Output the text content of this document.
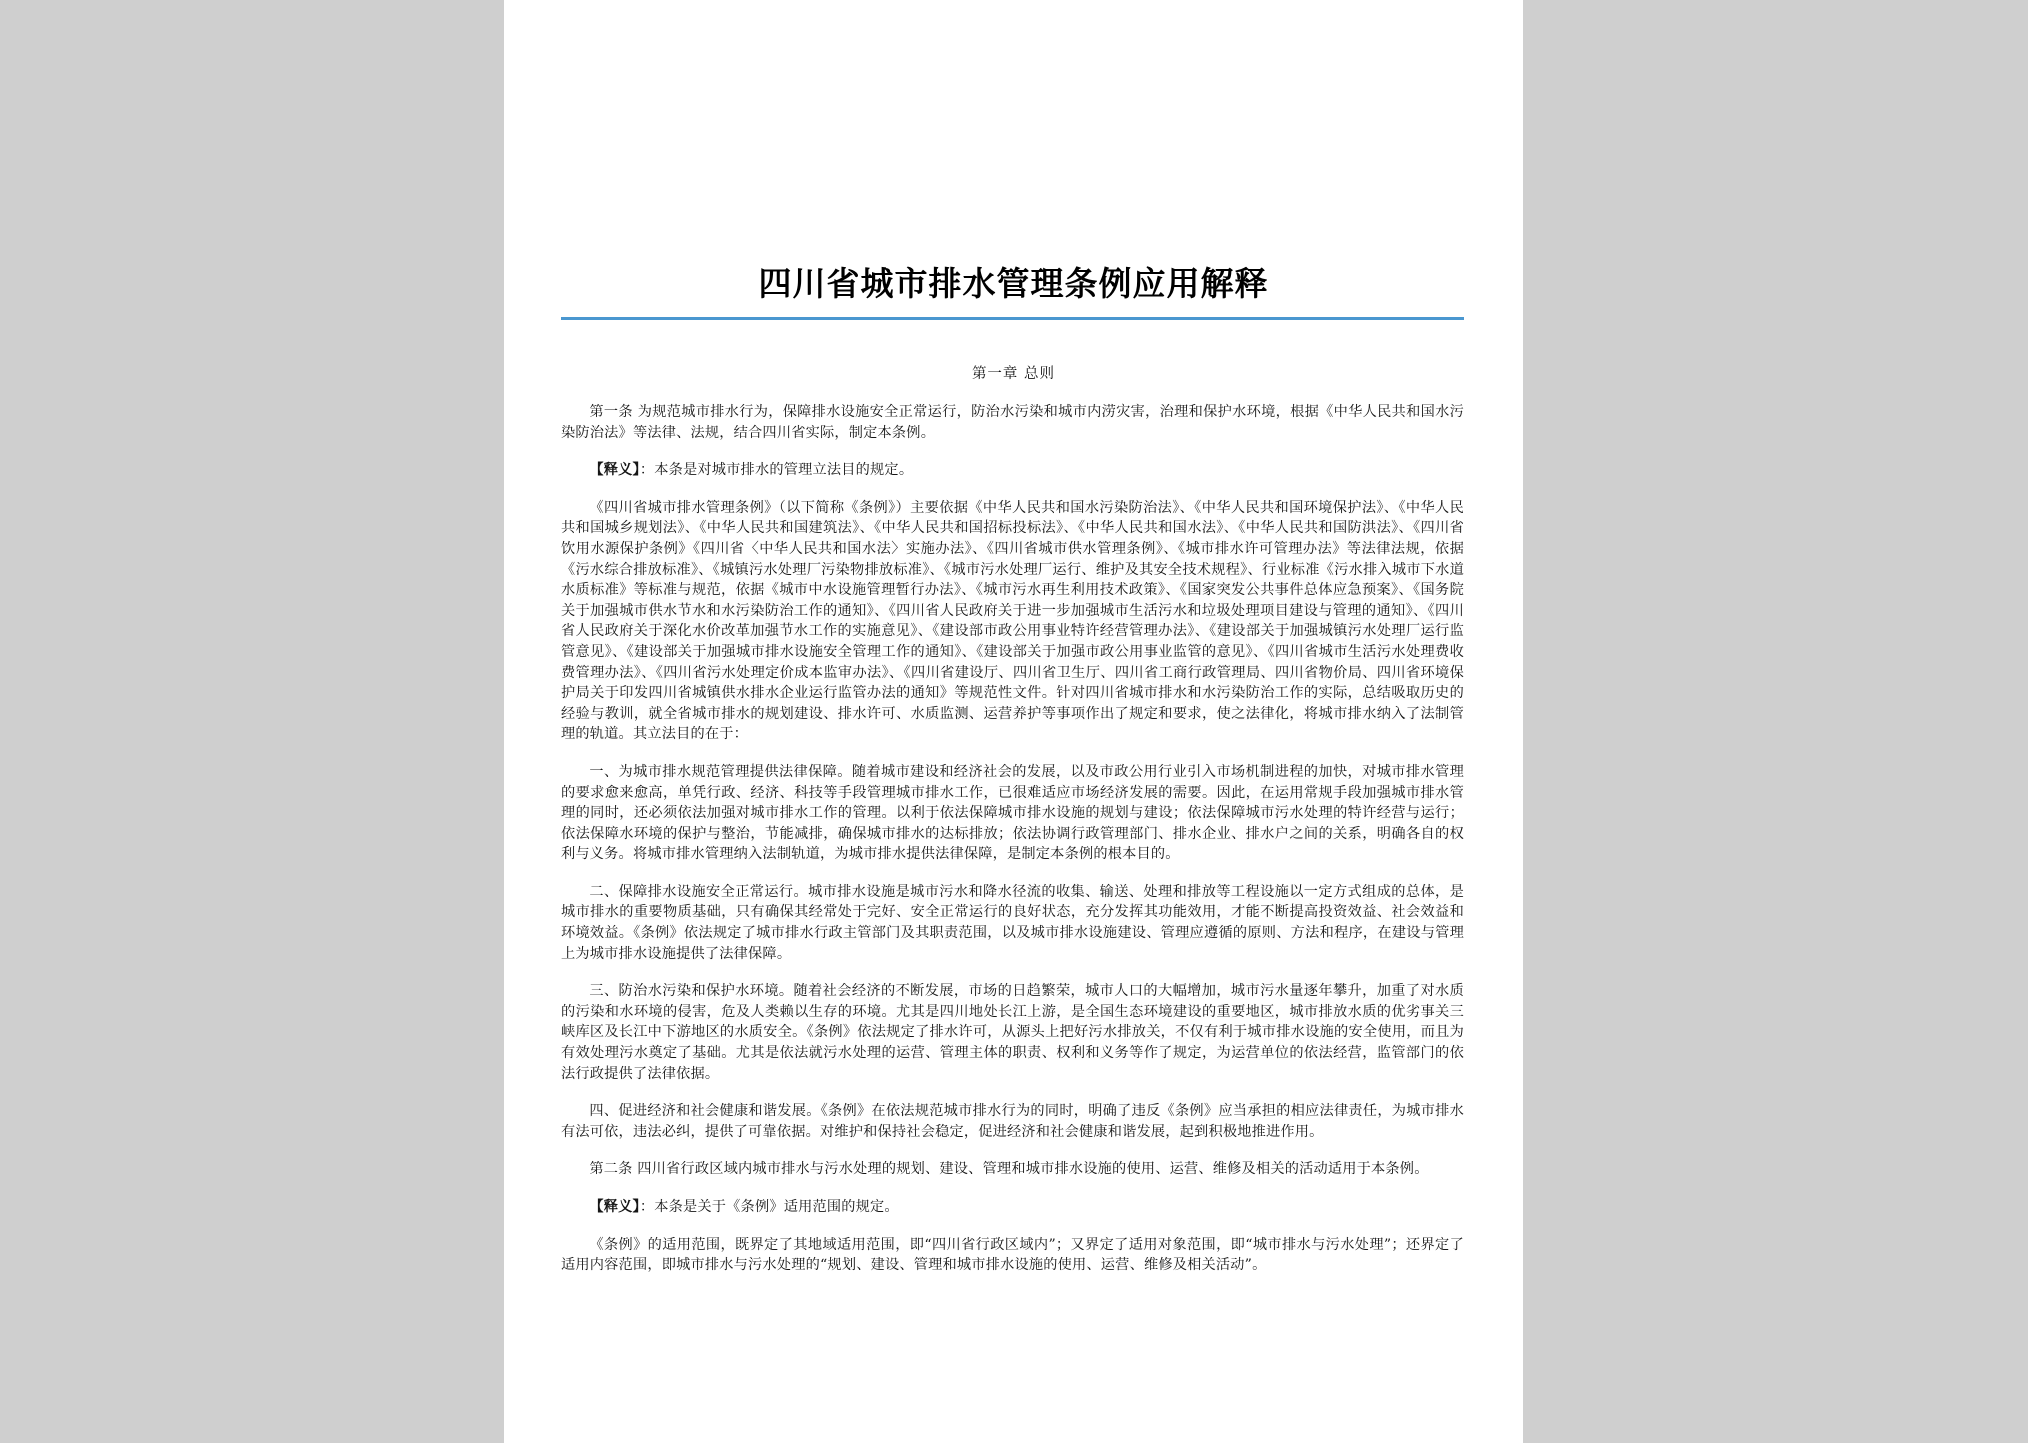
四川省城市排水管理条例应用解释
第一章 总则

第一条 为规范城市排水行为，保障排水设施安全正常运行，防治水污染和城市内涝灾害，治理和保护水环境，根据《中华人民共和国水污染防治法》等法律、法规，结合四川省实际，制定本条例。

【释义】：本条是对城市排水的管理立法目的规定。

《四川省城市排水管理条例》（以下简称《条例》）主要依据《中华人民共和国水污染防治法》、《中华人民共和国环境保护法》、《中华人民共和国城乡规划法》、《中华人民共和国建筑法》、《中华人民共和国招标投标法》、《中华人民共和国水法》、《中华人民共和国防洪法》、《四川省饮用水源保护条例》《四川省〈中华人民共和国水法〉实施办法》、《四川省城市供水管理条例》、《城市排水许可管理办法》等法律法规，依据《污水综合排放标准》、《城镇污水处理厂污染物排放标准》、《城市污水处理厂运行、维护及其安全技术规程》、行业标准《污水排入城市下水道水质标准》等标准与规范，依据《城市中水设施管理暂行办法》、《城市污水再生利用技术政策》、《国家突发公共事件总体应急预案》、《国务院关于加强城市供水节水和水污染防治工作的通知》、《四川省人民政府关于进一步加强城市生活污水和垃圾处理项目建设与管理的通知》、《四川省人民政府关于深化水价改革加强节水工作的实施意见》、《建设部市政公用事业特许经营管理办法》、《建设部关于加强城镇污水处理厂运行监管意见》、《建设部关于加强城市排水设施安全管理工作的通知》、《建设部关于加强市政公用事业监管的意见》、《四川省城市生活污水处理费收费管理办法》、《四川省污水处理定价成本监审办法》、《四川省建设厅、四川省卫生厅、四川省工商行政管理局、四川省物价局、四川省环境保护局关于印发四川省城镇供水排水企业运行监管办法的通知》等规范性文件。针对四川省城市排水和水污染防治工作的实际，总结吸取历史的经验与教训，就全省城市排水的规划建设、排水许可、水质监测、运营养护等事项作出了规定和要求，使之法律化，将城市排水纳入了法制管理的轨道。其立法目的在于：

一、为城市排水规范管理提供法律保障。随着城市建设和经济社会的发展，以及市政公用行业引入市场机制进程的加快，对城市排水管理的要求愈来愈高，单凭行政、经济、科技等手段管理城市排水工作，已很难适应市场经济发展的需要。因此，在运用常规手段加强城市排水管理的同时，还必须依法加强对城市排水工作的管理。以利于依法保障城市排水设施的规划与建设；依法保障城市污水处理的特许经营与运行；依法保障水环境的保护与整治，节能减排，确保城市排水的达标排放；依法协调行政管理部门、排水企业、排水户之间的关系，明确各自的权利与义务。将城市排水管理纳入法制轨道，为城市排水提供法律保障，是制定本条例的根本目的。

二、保障排水设施安全正常运行。城市排水设施是城市污水和降水径流的收集、输送、处理和排放等工程设施以一定方式组成的总体，是城市排水的重要物质基础，只有确保其经常处于完好、安全正常运行的良好状态，充分发挥其功能效用，才能不断提高投资效益、社会效益和环境效益。《条例》依法规定了城市排水行政主管部门及其职责范围，以及城市排水设施建设、管理应遵循的原则、方法和程序，在建设与管理上为城市排水设施提供了法律保障。

三、防治水污染和保护水环境。随着社会经济的不断发展，市场的日趋繁荣，城市人口的大幅增加，城市污水量逐年攀升，加重了对水质的污染和水环境的侵害，危及人类赖以生存的环境。尤其是四川地处长江上游，是全国生态环境建设的重要地区，城市排放水质的优劣事关三峡库区及长江中下游地区的水质安全。《条例》依法规定了排水许可，从源头上把好污水排放关，不仅有利于城市排水设施的安全使用，而且为有效处理污水奠定了基础。尤其是依法就污水处理的运营、管理主体的职责、权利和义务等作了规定，为运营单位的依法经营，监管部门的依法行政提供了法律依据。

四、促进经济和社会健康和谐发展。《条例》在依法规范城市排水行为的同时，明确了违反《条例》应当承担的相应法律责任，为城市排水有法可依，违法必纠，提供了可靠依据。对维护和保持社会稳定，促进经济和社会健康和谐发展，起到积极地推进作用。

第二条 四川省行政区域内城市排水与污水处理的规划、建设、管理和城市排水设施的使用、运营、维修及相关的活动适用于本条例。

【释义】：本条是关于《条例》适用范围的规定。

《条例》的适用范围，既界定了其地域适用范围，即“四川省行政区域内”；又界定了适用对象范围，即“城市排水与污水处理”；还界定了适用内容范围，即城市排水与污水处理的“规划、建设、管理和城市排水设施的使用、运营、维修及相关活动”。
